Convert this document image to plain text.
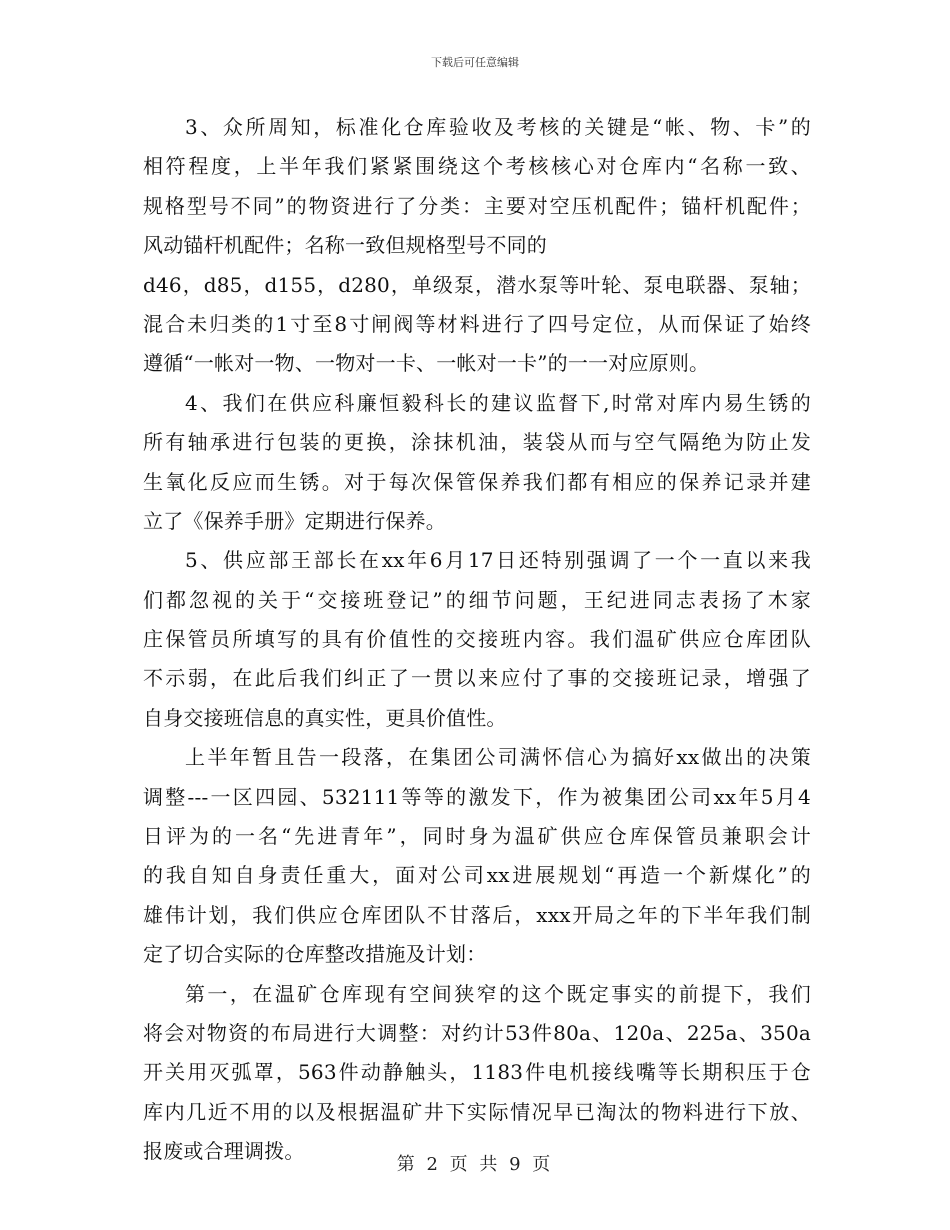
下载后可任意编辑
3、众所周知，标准化仓库验收及考核的关键是“帐、物、卡”的
相符程度，上半年我们紧紧围绕这个考核核心对仓库内“名称一致、
规格型号不同”的物资进行了分类：主要对空压机配件；锚杆机配件；
风动锚杆机配件；名称一致但规格型号不同的
d46，d85，d155，d280，单级泵，潜水泵等叶轮、泵电联器、泵轴；
混合未归类的1寸至8寸闸阀等材料进行了四号定位，从而保证了始终
遵循“一帐对一物、一物对一卡、一帐对一卡”的一一对应原则。
4、我们在供应科廉恒毅科长的建议监督下,时常对库内易生锈的
所有轴承进行包装的更换，涂抹机油，装袋从而与空气隔绝为防止发
生氧化反应而生锈。对于每次保管保养我们都有相应的保养记录并建
立了《保养手册》定期进行保养。
5、供应部王部长在xx年6月17日还特别强调了一个一直以来我
们都忽视的关于“交接班登记”的细节问题，王纪进同志表扬了木家
庄保管员所填写的具有价值性的交接班内容。我们温矿供应仓库团队
不示弱，在此后我们纠正了一贯以来应付了事的交接班记录，增强了
自身交接班信息的真实性，更具价值性。
上半年暂且告一段落，在集团公司满怀信心为搞好xx做出的决策
调整---一区四园、532111等等的激发下，作为被集团公司xx年5月4
日评为的一名“先进青年”，同时身为温矿供应仓库保管员兼职会计
的我自知自身责任重大，面对公司xx进展规划“再造一个新煤化”的
雄伟计划，我们供应仓库团队不甘落后，xxx开局之年的下半年我们制
定了切合实际的仓库整改措施及计划：
第一，在温矿仓库现有空间狭窄的这个既定事实的前提下，我们
将会对物资的布局进行大调整：对约计53件80a、120a、225a、350a
开关用灭弧罩，563件动静触头，1183件电机接线嘴等长期积压于仓
库内几近不用的以及根据温矿井下实际情况早已淘汰的物料进行下放、
报废或合理调拨。
第 2 页 共 9 页
